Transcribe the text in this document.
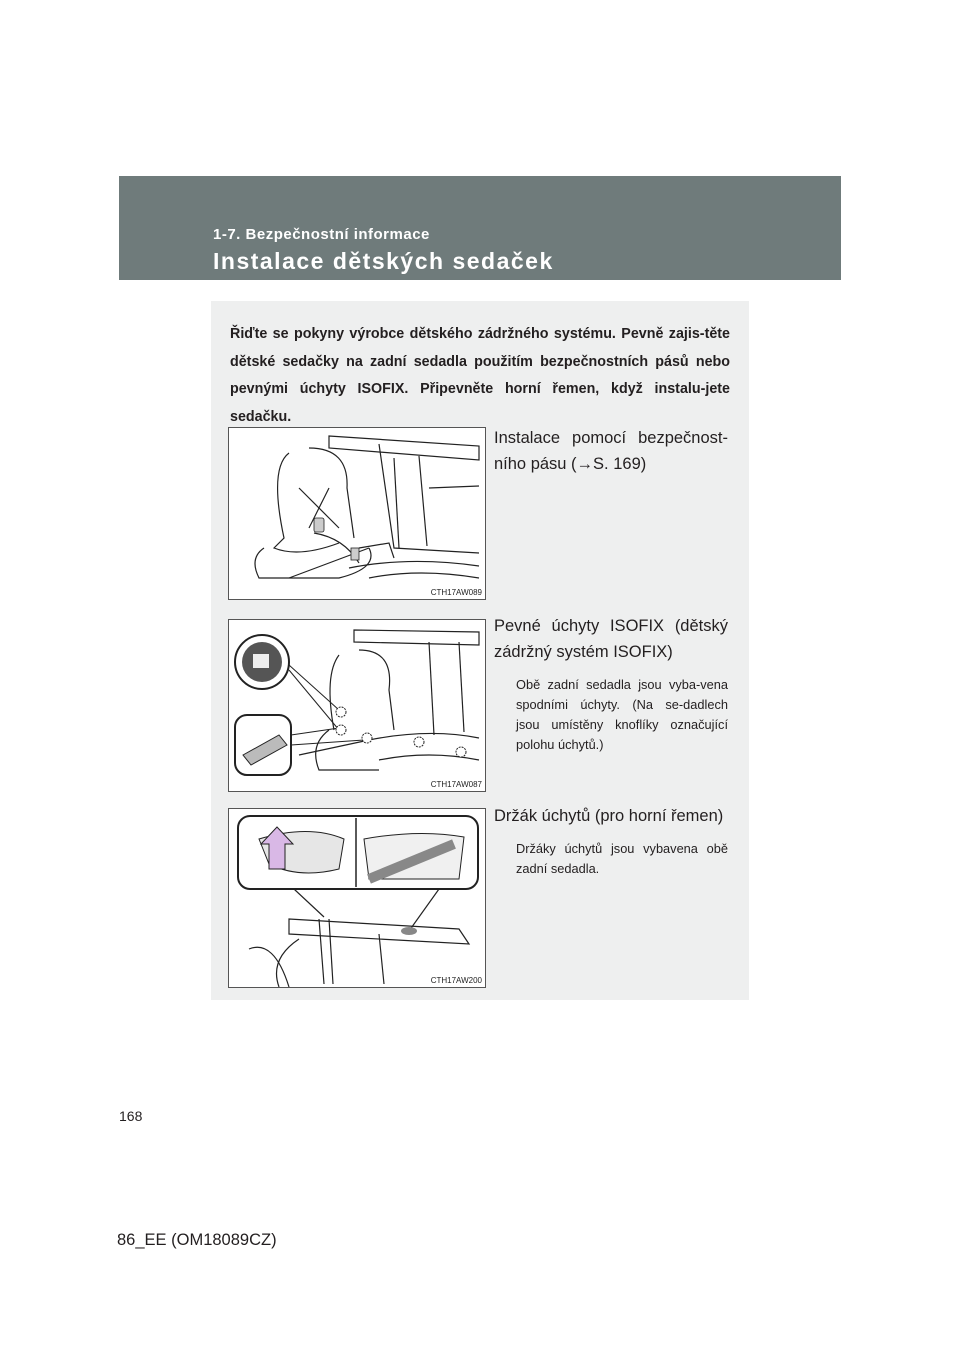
1-7. Bezpečnostní informace
Instalace dětských sedaček

Řiďte se pokyny výrobce dětského zádržného systému. Pevně zajis-těte dětské sedačky na zadní sedadla použitím bezpečnostních pásů nebo pevnými úchyty ISOFIX. Připevněte horní řemen, když instalu-jete sedačku.

CTH17AW089

Instalace pomocí bezpečnost-ního pásu (→S. 169)

CTH17AW087

Pevné úchyty ISOFIX (dětský zádržný systém ISOFIX)

Obě zadní sedadla jsou vyba-vena spodními úchyty. (Na se-dadlech jsou umístěny knoflíky označující polohu úchytů.)

CTH17AW200

Držák úchytů (pro horní řemen)

Držáky úchytů jsou vybavena obě zadní sedadla.

168
86_EE (OM18089CZ)
